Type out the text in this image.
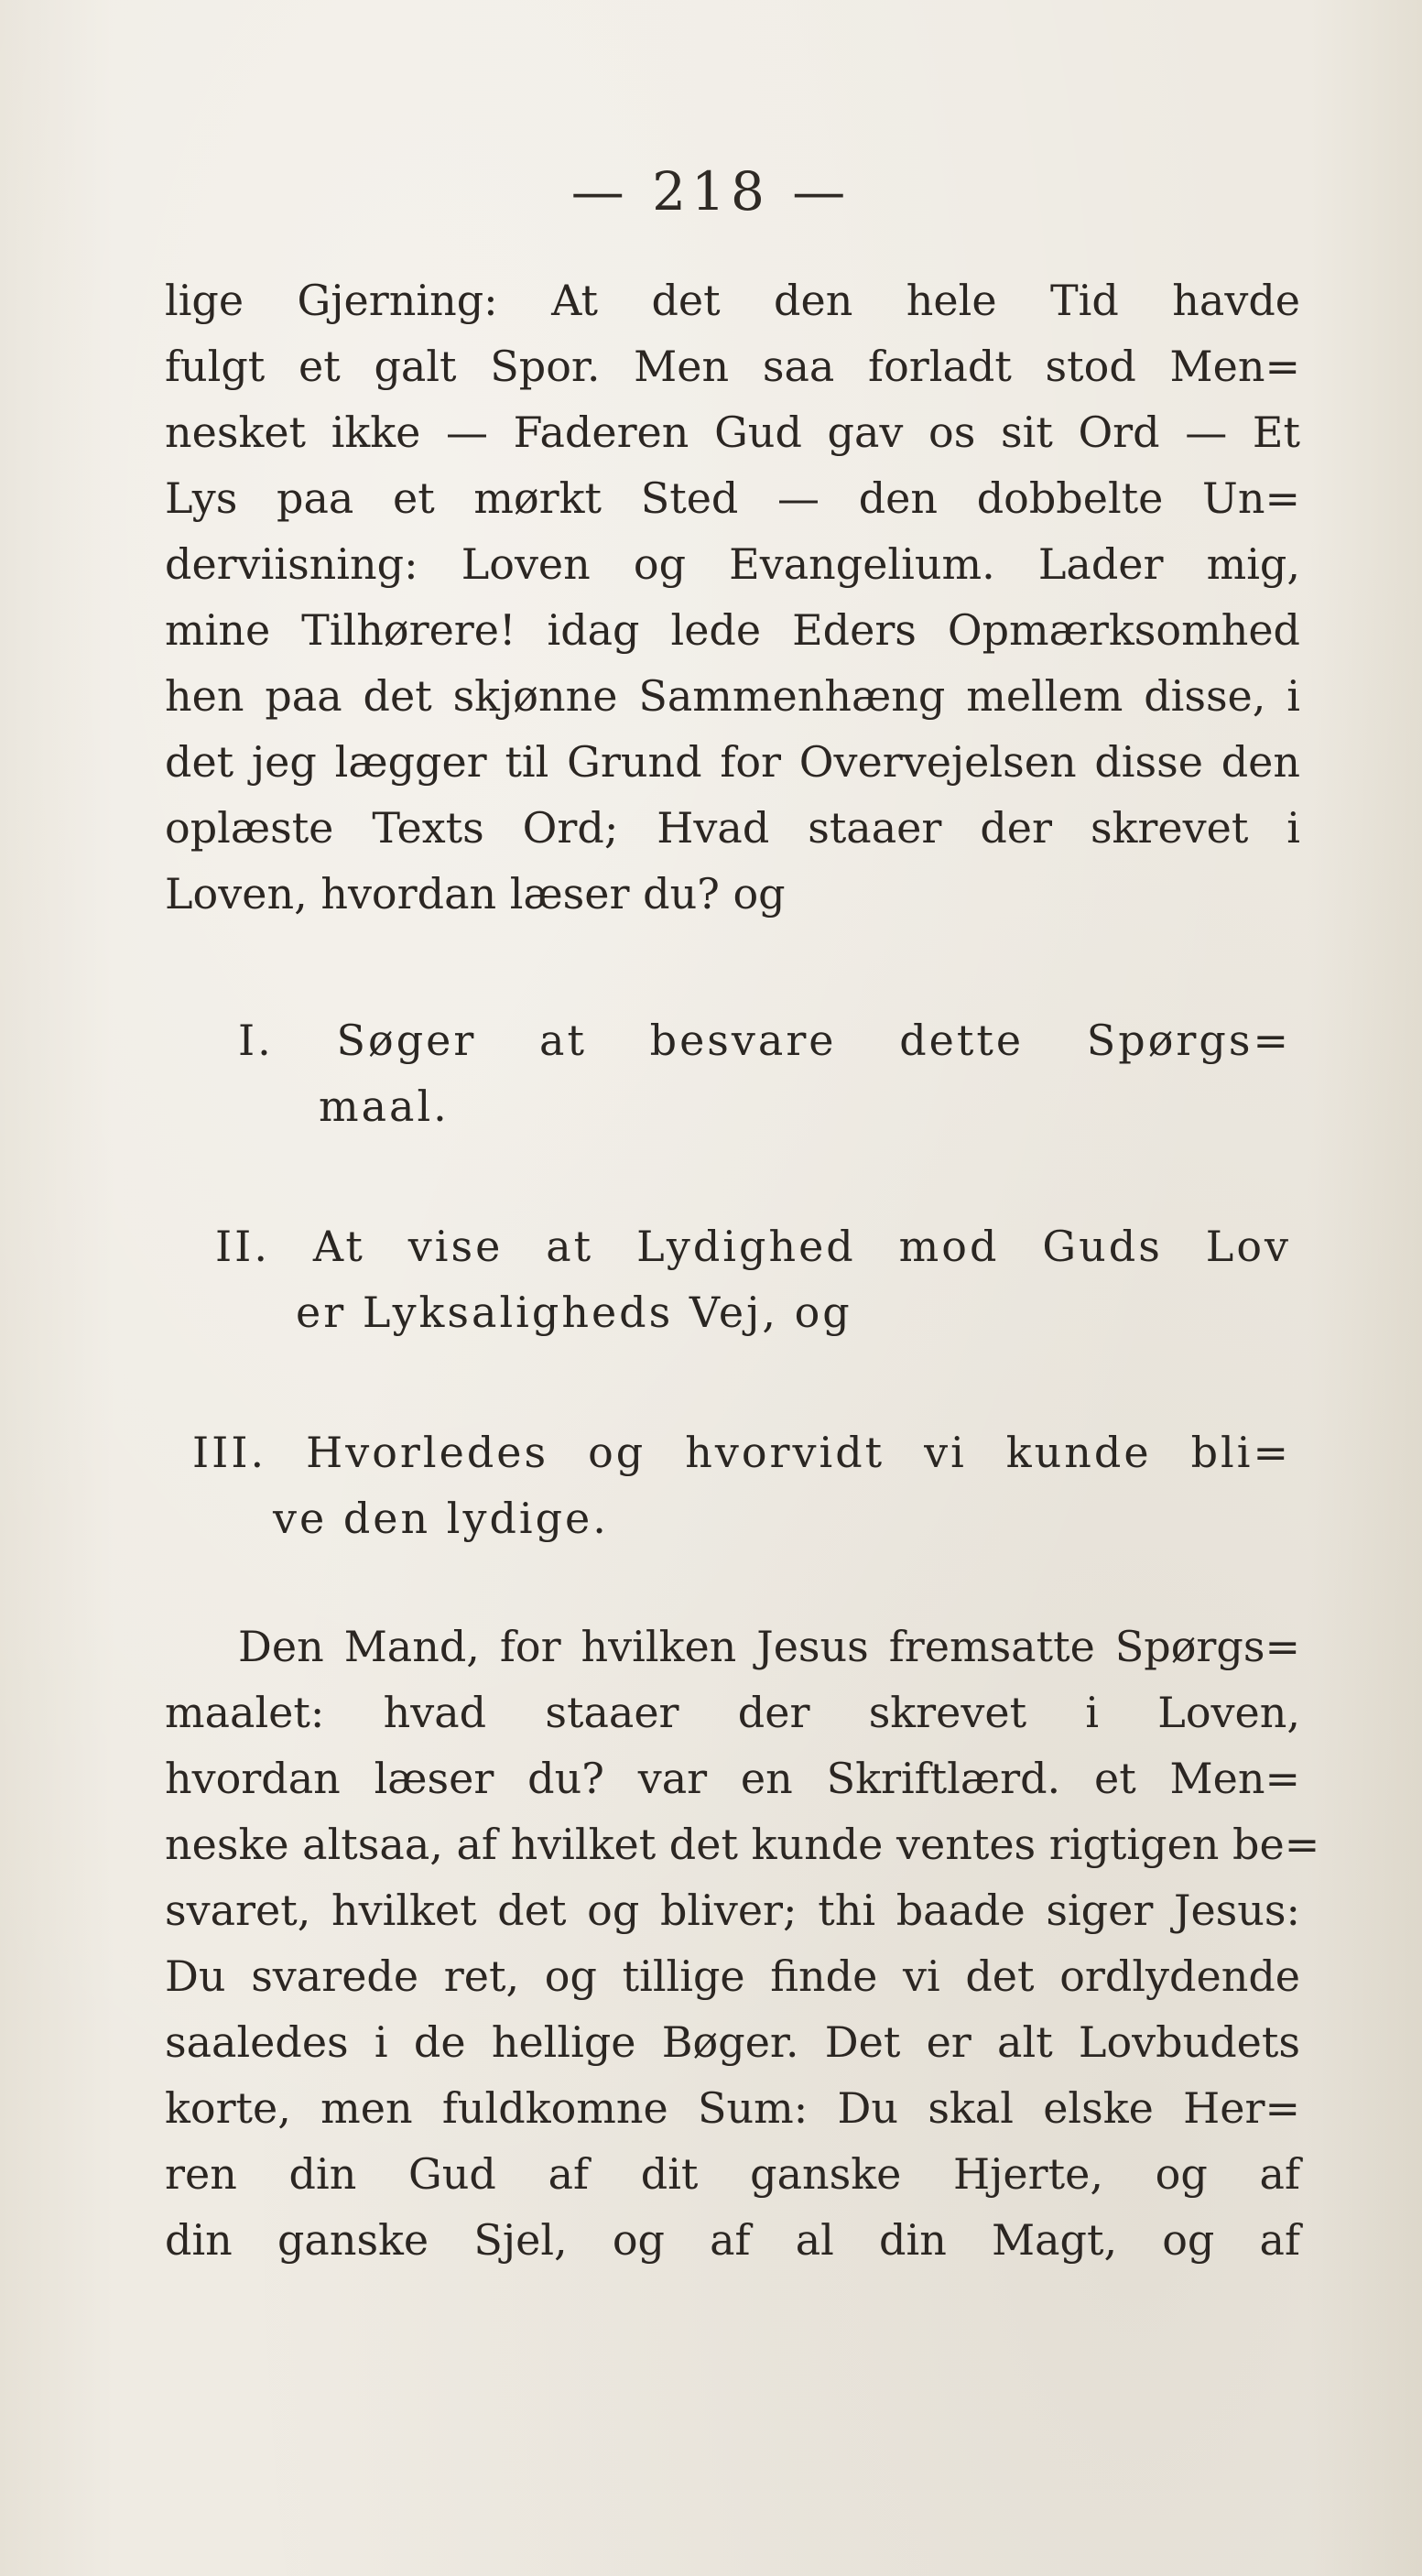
— 218 —
lige Gjerning: At det den hele Tid havde
fulgt et galt Spor. Men saa forladt stod Men=
nesket ikke — Faderen Gud gav os sit Ord — Et
Lys paa et mørkt Sted — den dobbelte Un=
derviisning: Loven og Evangelium. Lader mig,
mine Tilhørere! idag lede Eders Opmærksomhed
hen paa det skjønne Sammenhæng mellem disse, i
det jeg lægger til Grund for Overvejelsen disse den
oplæste Texts Ord; Hvad staaer der skrevet i
Loven, hvordan læser du? og
I. Søger at besvare dette Spørgs=
maal.
II. At vise at Lydighed mod Guds Lov
er Lyksaligheds Vej, og
III. Hvorledes og hvorvidt vi kunde bli=
ve den lydige.
Den Mand, for hvilken Jesus fremsatte Spørgs=
maalet: hvad staaer der skrevet i Loven,
hvordan læser du? var en Skriftlærd. et Men=
neske altsaa, af hvilket det kunde ventes rigtigen be=
svaret, hvilket det og bliver; thi baade siger Jesus:
Du svarede ret, og tillige finde vi det ordlydende
saaledes i de hellige Bøger. Det er alt Lovbudets
korte, men fuldkomne Sum: Du skal elske Her=
ren din Gud af dit ganske Hjerte, og af
din ganske Sjel, og af al din Magt, og af
